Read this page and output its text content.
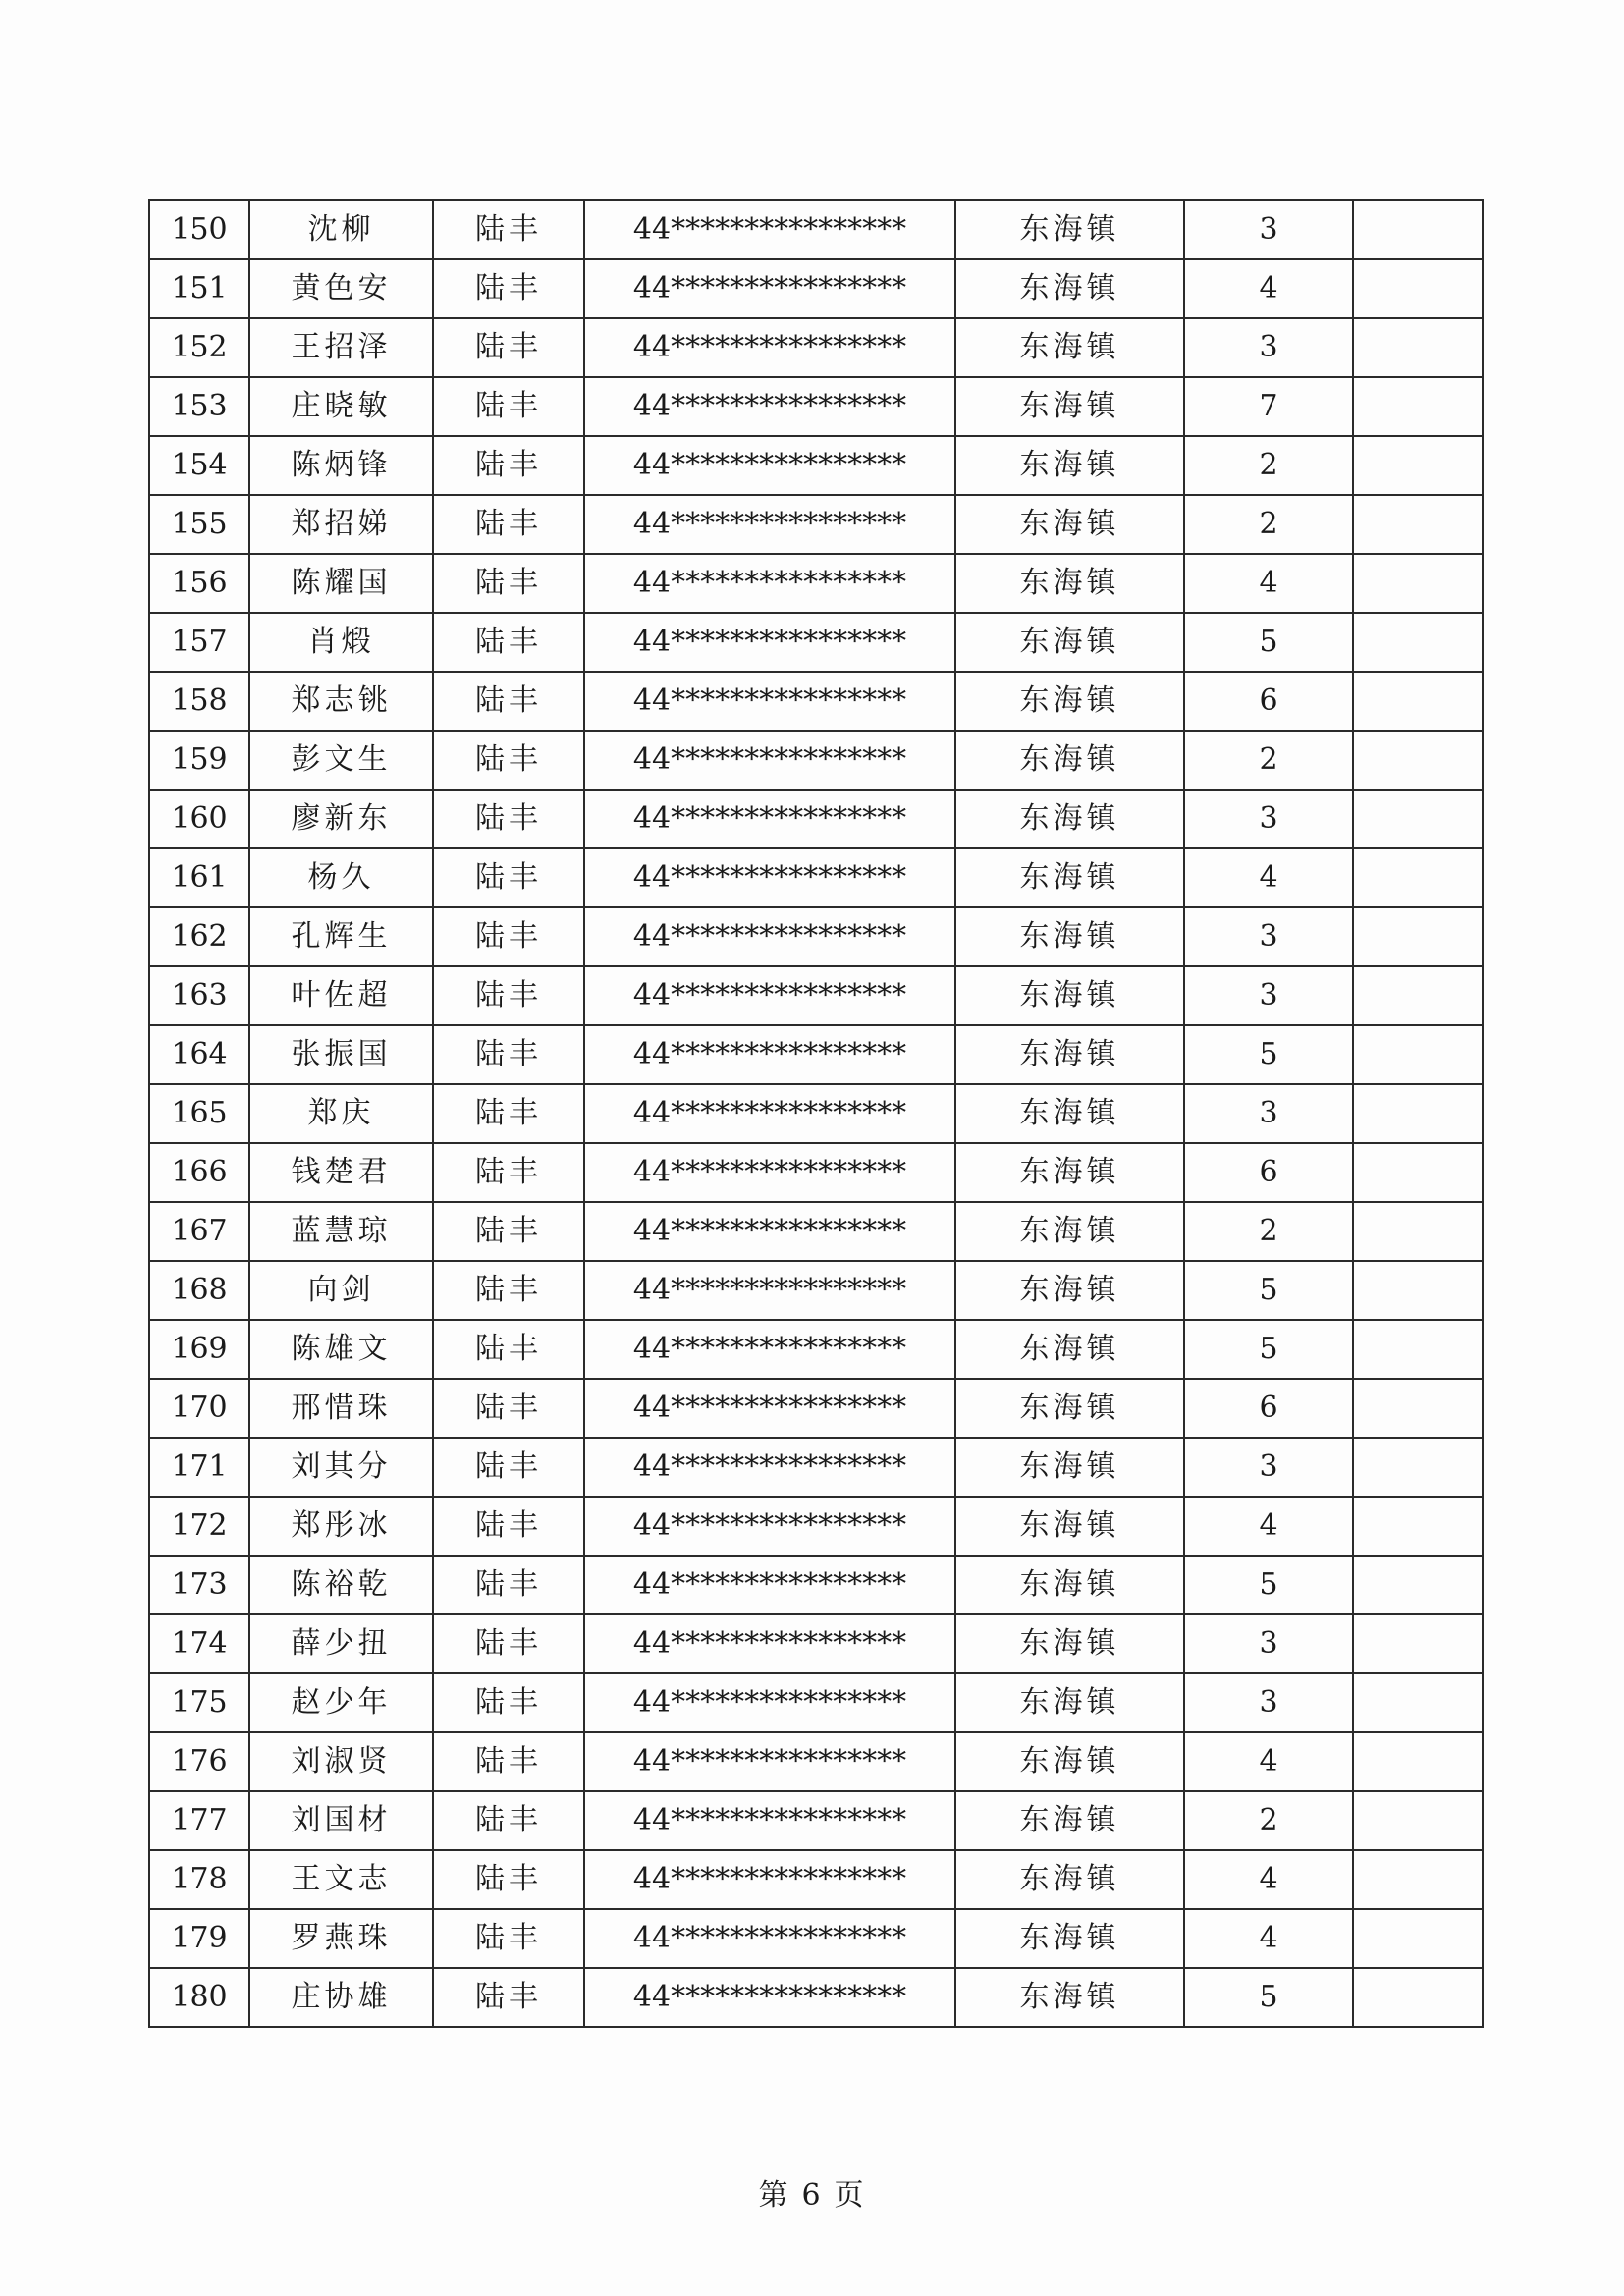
150	沈柳	陆丰	44****************	东海镇	3	
151	黄色安	陆丰	44****************	东海镇	4	
152	王招泽	陆丰	44****************	东海镇	3	
153	庄晓敏	陆丰	44****************	东海镇	7	
154	陈炳锋	陆丰	44****************	东海镇	2	
155	郑招娣	陆丰	44****************	东海镇	2	
156	陈耀国	陆丰	44****************	东海镇	4	
157	肖煅	陆丰	44****************	东海镇	5	
158	郑志铫	陆丰	44****************	东海镇	6	
159	彭文生	陆丰	44****************	东海镇	2	
160	廖新东	陆丰	44****************	东海镇	3	
161	杨久	陆丰	44****************	东海镇	4	
162	孔辉生	陆丰	44****************	东海镇	3	
163	叶佐超	陆丰	44****************	东海镇	3	
164	张振国	陆丰	44****************	东海镇	5	
165	郑庆	陆丰	44****************	东海镇	3	
166	钱楚君	陆丰	44****************	东海镇	6	
167	蓝慧琼	陆丰	44****************	东海镇	2	
168	向剑	陆丰	44****************	东海镇	5	
169	陈雄文	陆丰	44****************	东海镇	5	
170	邢惜珠	陆丰	44****************	东海镇	6	
171	刘其分	陆丰	44****************	东海镇	3	
172	郑彤冰	陆丰	44****************	东海镇	4	
173	陈裕乾	陆丰	44****************	东海镇	5	
174	薛少扭	陆丰	44****************	东海镇	3	
175	赵少年	陆丰	44****************	东海镇	3	
176	刘淑贤	陆丰	44****************	东海镇	4	
177	刘国材	陆丰	44****************	东海镇	2	
178	王文志	陆丰	44****************	东海镇	4	
179	罗燕珠	陆丰	44****************	东海镇	4	
180	庄协雄	陆丰	44****************	东海镇	5	
第 6 页
